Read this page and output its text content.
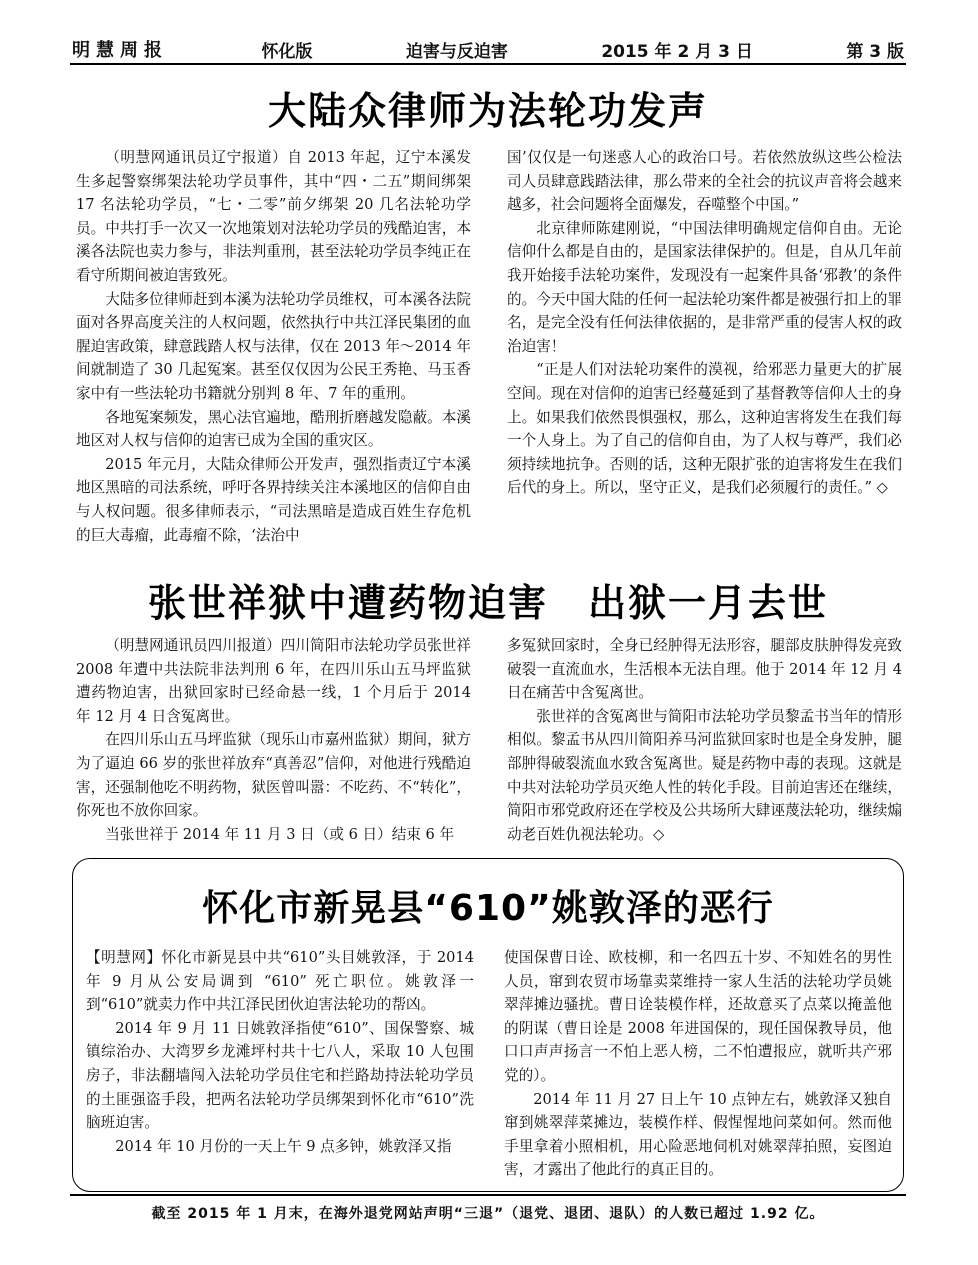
明慧周报	怀化版	迫害与反迫害	2015 年 2 月 3 日	第 3 版
大陆众律师为法轮功发声

（明慧网通讯员辽宁报道）自 2013 年起，辽宁本溪发生多起警察绑架法轮功学员事件，其中“四・二五”期间绑架 17 名法轮功学员，“七・二零”前夕绑架 20 几名法轮功学员。中共打手一次又一次地策划对法轮功学员的残酷迫害，本溪各法院也卖力参与，非法判重刑，甚至法轮功学员李纯正在看守所期间被迫害致死。

大陆多位律师赶到本溪为法轮功学员维权，可本溪各法院面对各界高度关注的人权问题，依然执行中共江泽民集团的血腥迫害政策，肆意践踏人权与法律，仅在 2013 年～2014 年间就制造了 30 几起冤案。甚至仅仅因为公民王秀艳、马玉香家中有一些法轮功书籍就分别判 8 年、7 年的重刑。

各地冤案频发，黑心法官遍地，酷刑折磨越发隐蔽。本溪地区对人权与信仰的迫害已成为全国的重灾区。

2015 年元月，大陆众律师公开发声，强烈指责辽宁本溪地区黑暗的司法系统，呼吁各界持续关注本溪地区的信仰自由与人权问题。很多律师表示，“司法黑暗是造成百姓生存危机的巨大毒瘤，此毒瘤不除，‘法治中

国’仅仅是一句迷惑人心的政治口号。若依然放纵这些公检法司人员肆意践踏法律，那么带来的全社会的抗议声音将会越来越多，社会问题将全面爆发，吞噬整个中国。”

北京律师陈建刚说，“中国法律明确规定信仰自由。无论信仰什么都是自由的，是国家法律保护的。但是，自从几年前我开始接手法轮功案件，发现没有一起案件具备‘邪教’的条件的。今天中国大陆的任何一起法轮功案件都是被强行扣上的罪名，是完全没有任何法律依据的，是非常严重的侵害人权的政治迫害！

“正是人们对法轮功案件的漠视，给邪恶力量更大的扩展空间。现在对信仰的迫害已经蔓延到了基督教等信仰人士的身上。如果我们依然畏惧强权，那么，这种迫害将发生在我们每一个人身上。为了自己的信仰自由，为了人权与尊严，我们必须持续地抗争。否则的话，这种无限扩张的迫害将发生在我们后代的身上。所以，坚守正义，是我们必须履行的责任。” ◇

张世祥狱中遭药物迫害　出狱一月去世

（明慧网通讯员四川报道）四川简阳市法轮功学员张世祥 2008 年遭中共法院非法判刑 6 年，在四川乐山五马坪监狱遭药物迫害，出狱回家时已经命悬一线，1 个月后于 2014 年 12 月 4 日含冤离世。

在四川乐山五马坪监狱（现乐山市嘉州监狱）期间，狱方为了逼迫 66 岁的张世祥放弃“真善忍”信仰，对他进行残酷迫害，还强制他吃不明药物，狱医曾叫嚣：不吃药、不“转化”，你死也不放你回家。

当张世祥于 2014 年 11 月 3 日（或 6 日）结束 6 年

多冤狱回家时，全身已经肿得无法形容，腿部皮肤肿得发亮致破裂一直流血水，生活根本无法自理。他于 2014 年 12 月 4 日在痛苦中含冤离世。

张世祥的含冤离世与简阳市法轮功学员黎孟书当年的情形相似。黎孟书从四川简阳养马河监狱回家时也是全身发肿，腿部肿得破裂流血水致含冤离世。疑是药物中毒的表现。这就是中共对法轮功学员灭绝人性的转化手段。目前迫害还在继续，简阳市邪党政府还在学校及公共场所大肆诬蔑法轮功，继续煽动老百姓仇视法轮功。◇

怀化市新晃县“610”姚敦泽的恶行

【明慧网】怀化市新晃县中共“610”头目姚敦泽，于 2014 年 9 月从公安局调到 “610” 死亡职位。姚敦泽一到“610”就卖力作中共江泽民团伙迫害法轮功的帮凶。

2014 年 9 月 11 日姚敦泽指使“610”、国保警察、城镇综治办、大湾罗乡龙滩坪村共十七八人，采取 10 人包围房子，非法翻墙闯入法轮功学员住宅和拦路劫持法轮功学员的土匪强盗手段，把两名法轮功学员绑架到怀化市“610”洗脑班迫害。

2014 年 10 月份的一天上午 9 点多钟，姚敦泽又指

使国保曹日诠、欧枝柳，和一名四五十岁、不知姓名的男性人员，窜到农贸市场靠卖菜维持一家人生活的法轮功学员姚翠萍摊边骚扰。曹日诠装模作样，还故意买了点菜以掩盖他的阴谋（曹日诠是 2008 年进国保的，现任国保教导员，他口口声声扬言一不怕上恶人榜，二不怕遭报应，就听共产邪党的）。

2014 年 11 月 27 日上午 10 点钟左右，姚敦泽又独自窜到姚翠萍菜摊边，装模作样、假惺惺地问菜如何。然而他手里拿着小照相机，用心险恶地伺机对姚翠萍拍照，妄图迫害，才露出了他此行的真正目的。

截至 2015 年 1 月末，在海外退党网站声明“三退”（退党、退团、退队）的人数已超过 1.92 亿。
